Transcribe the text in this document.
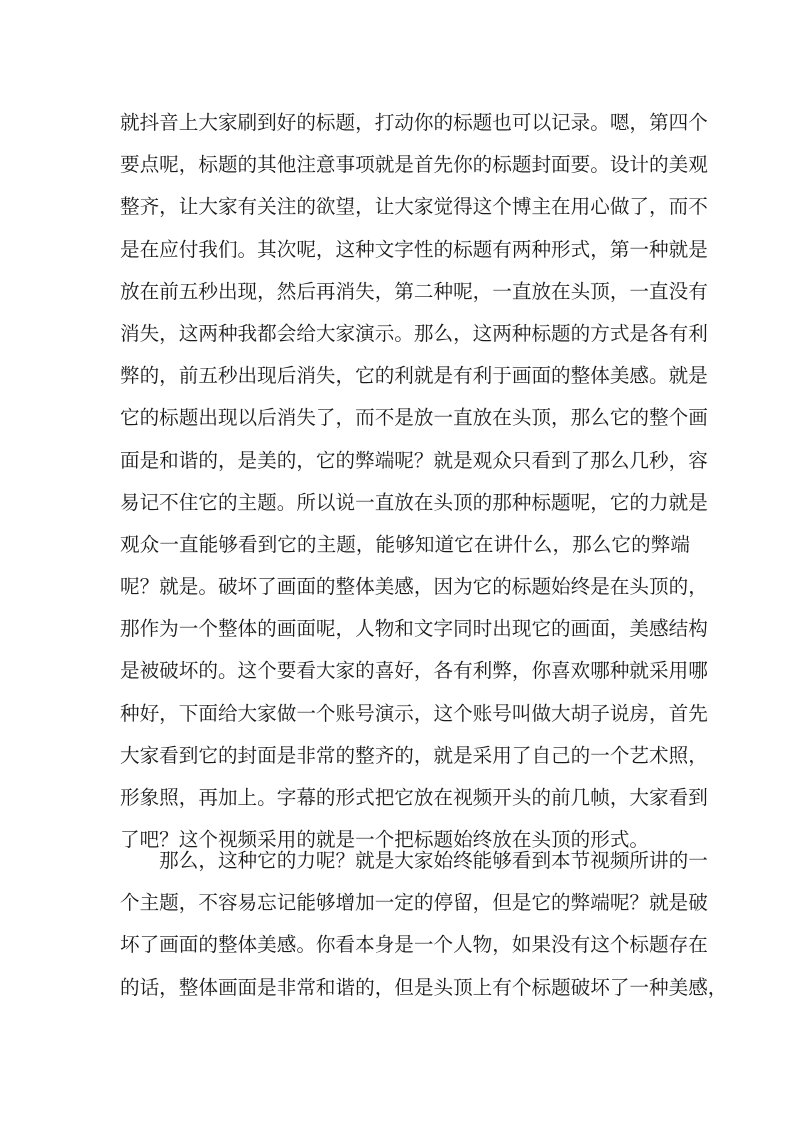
就抖音上大家刷到好的标题，打动你的标题也可以记录。嗯，第四个
要点呢，标题的其他注意事项就是首先你的标题封面要。设计的美观
整齐，让大家有关注的欲望，让大家觉得这个博主在用心做了，而不
是在应付我们。其次呢，这种文字性的标题有两种形式，第一种就是
放在前五秒出现，然后再消失，第二种呢，一直放在头顶，一直没有
消失，这两种我都会给大家演示。那么，这两种标题的方式是各有利
弊的，前五秒出现后消失，它的利就是有利于画面的整体美感。就是
它的标题出现以后消失了，而不是放一直放在头顶，那么它的整个画
面是和谐的，是美的，它的弊端呢？就是观众只看到了那么几秒，容
易记不住它的主题。所以说一直放在头顶的那种标题呢，它的力就是
观众一直能够看到它的主题，能够知道它在讲什么，那么它的弊端
呢？就是。破坏了画面的整体美感，因为它的标题始终是在头顶的，
那作为一个整体的画面呢，人物和文字同时出现它的画面，美感结构
是被破坏的。这个要看大家的喜好，各有利弊，你喜欢哪种就采用哪
种好，下面给大家做一个账号演示，这个账号叫做大胡子说房，首先
大家看到它的封面是非常的整齐的，就是采用了自己的一个艺术照，
形象照，再加上。字幕的形式把它放在视频开头的前几帧，大家看到
了吧？这个视频采用的就是一个把标题始终放在头顶的形式。
　　那么，这种它的力呢？就是大家始终能够看到本节视频所讲的一
个主题，不容易忘记能够增加一定的停留，但是它的弊端呢？就是破
坏了画面的整体美感。你看本身是一个人物，如果没有这个标题存在
的话，整体画面是非常和谐的，但是头顶上有个标题破坏了一种美感，
